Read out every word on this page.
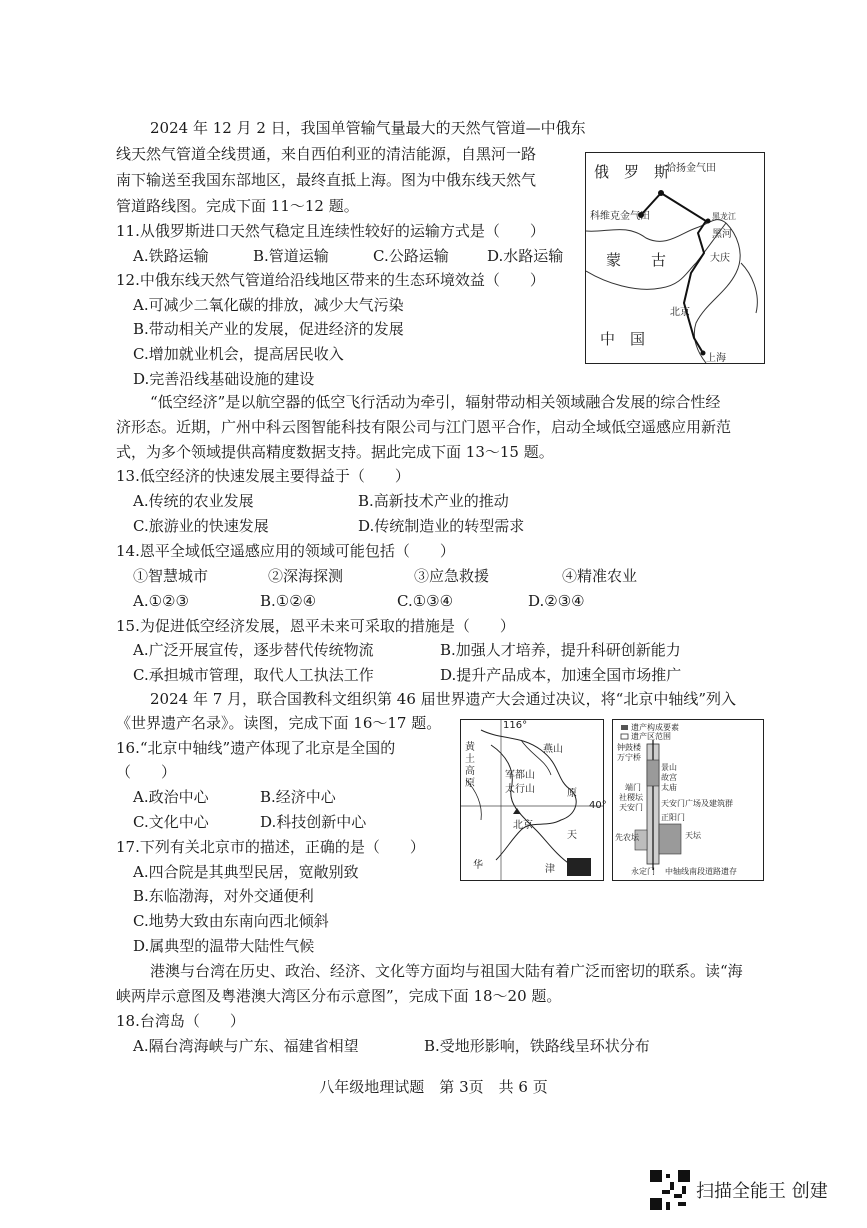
2024 年 12 月 2 日，我国单管输气量最大的天然气管道—中俄东
线天然气管道全线贯通，来自西伯利亚的清洁能源，自黑河一路
南下输送至我国东部地区，最终直抵上海。图为中俄东线天然气
管道路线图。完成下面 11～12 题。
11.从俄罗斯进口天然气稳定且连续性较好的运输方式是（　　）
A.铁路运输	B.管道运输	C.公路运输	D.水路运输
12.中俄东线天然气管道给沿线地区带来的生态环境效益（　　）
A.可减少二氧化碳的排放，减少大气污染
B.带动相关产业的发展，促进经济的发展
C.增加就业机会，提高居民收入
D.完善沿线基础设施的建设
俄　罗　斯
恰扬金气田
科维克金气田	黑龙江
黑河
蒙　　古	大庆
北京
中　国
上海
“低空经济”是以航空器的低空飞行活动为牵引，辐射带动相关领域融合发展的综合性经
济形态。近期，广州中科云图智能科技有限公司与江门恩平合作，启动全域低空遥感应用新范
式，为多个领域提供高精度数据支持。据此完成下面 13～15 题。
13.低空经济的快速发展主要得益于（　　）
A.传统的农业发展	B.高新技术产业的推动
C.旅游业的快速发展	D.传统制造业的转型需求
14.恩平全域低空遥感应用的领域可能包括（　　）
①智慧城市	②深海探测	③应急救援	④精准农业
A.①②③	B.①②④	C.①③④	D.②③④
15.为促进低空经济发展，恩平未来可采取的措施是（　　）
A.广泛开展宣传，逐步替代传统物流	B.加强人才培养，提升科研创新能力
C.承担城市管理，取代人工执法工作	D.提升产品成本，加速全国市场推广
2024 年 7 月，联合国教科文组织第 46 届世界遗产大会通过决议，将“北京中轴线”列入
《世界遗产名录》。读图，完成下面 16～17 题。
16.“北京中轴线”遗产体现了北京是全国的
（　　）
A.政治中心	B.经济中心
C.文化中心	D.科技创新中心
17.下列有关北京市的描述，正确的是（　　）
A.四合院是其典型民居，宽敞别致
B.东临渤海，对外交通便利
C.地势大致由东南向西北倾斜
D.属典型的温带大陆性气候
116°
40°
黄土高原
燕山
军都山
太行山	原
北京
天
津
华
遗产构成要素
遗产区范围
钟鼓楼
万宁桥
景山
故宫
端门	太庙
社稷坛
天安门 天安门广场及建筑群
正阳门
先农坛	天坛
永定门 中轴线南段道路遗存
港澳与台湾在历史、政治、经济、文化等方面均与祖国大陆有着广泛而密切的联系。读“海
峡两岸示意图及粤港澳大湾区分布示意图”，完成下面 18～20 题。
18.台湾岛（　　）
A.隔台湾海峡与广东、福建省相望	B.受地形影响，铁路线呈环状分布
八年级地理试题　第 3页　共 6 页
扫描全能王 创建
